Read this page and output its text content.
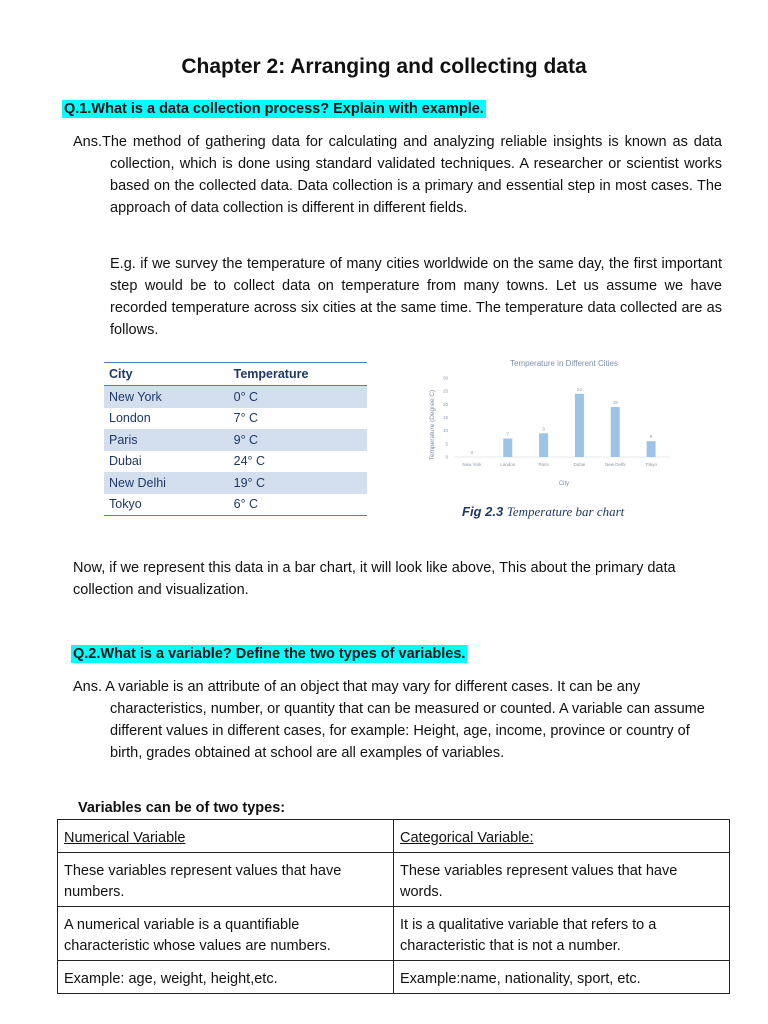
Chapter 2: Arranging and collecting data
Q.1.What is a data collection process? Explain with example.
Ans.The method of gathering data for calculating and analyzing reliable insights is known as data collection, which is done using standard validated techniques. A researcher or scientist works based on the collected data. Data collection is a primary and essential step in most cases. The approach of data collection is different in different fields.
E.g. if we survey the temperature of many cities worldwide on the same day, the first important step would be to collect data on temperature from many towns. Let us assume we have recorded temperature across six cities at the same time. The temperature data collected are as follows.
City	Temperature
New York	0° C
London	7° C
Paris	9° C
Dubai	24° C
New Delhi	19° C
Tokyo	6° C
Temperature in Different Cities
Temperature (Degree C)
City
0
5
10
15
20
25
30
0
New York
7
London
9
Paris
24
Dubai
19
New Delhi
6
Tokyo
Fig 2.3 Temperature bar chart
Now, if we represent this data in a bar chart, it will look like above, This about the primary data collection and visualization.
Q.2.What is a variable? Define the two types of variables.
Ans. A variable is an attribute of an object that may vary for different cases. It can be any characteristics, number, or quantity that can be measured or counted. A variable can assume different values in different cases, for example: Height, age, income, province or country of birth, grades obtained at school are all examples of variables.
Variables can be of two types:
Numerical Variable	Categorical Variable:
These variables represent values that have numbers.	These variables represent values that have words.
A numerical variable is a quantifiable characteristic whose values are numbers.	It is a qualitative variable that refers to a characteristic that is not a number.
Example: age, weight, height,etc.	Example:name, nationality, sport, etc.
